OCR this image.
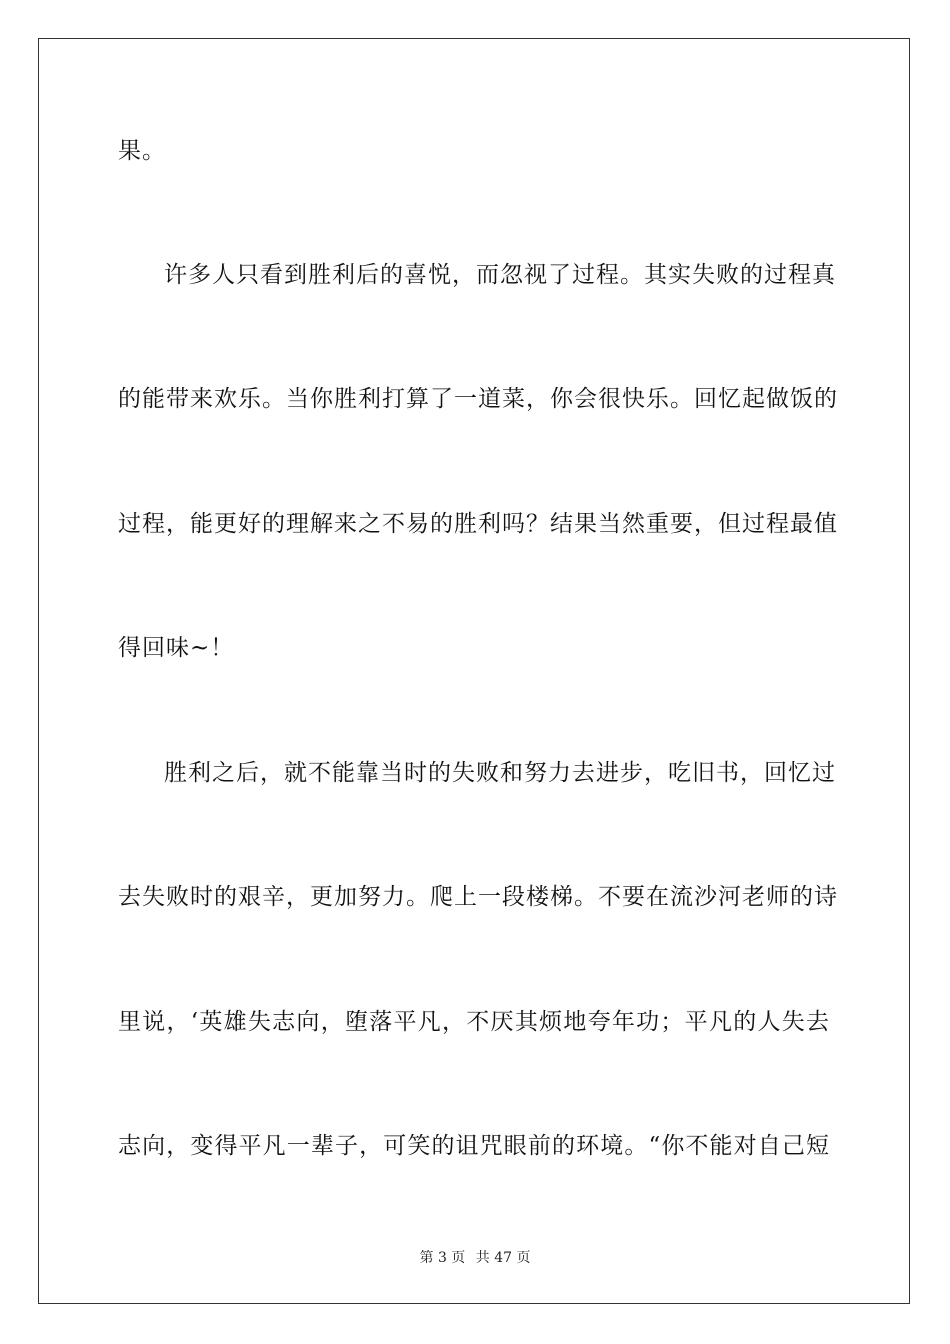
果。
许多人只看到胜利后的喜悦，而忽视了过程。其实失败的过程真
的能带来欢乐。当你胜利打算了一道菜，你会很快乐。回忆起做饭的
过程，能更好的理解来之不易的胜利吗？结果当然重要，但过程最值
得回味~！
胜利之后，就不能靠当时的失败和努力去进步，吃旧书，回忆过
去失败时的艰辛，更加努力。爬上一段楼梯。不要在流沙河老师的诗
里说，‘英雄失志向，堕落平凡，不厌其烦地夸年功；平凡的人失去
志向，变得平凡一辈子，可笑的诅咒眼前的环境。“你不能对自己短
第 3 页 共 47 页
